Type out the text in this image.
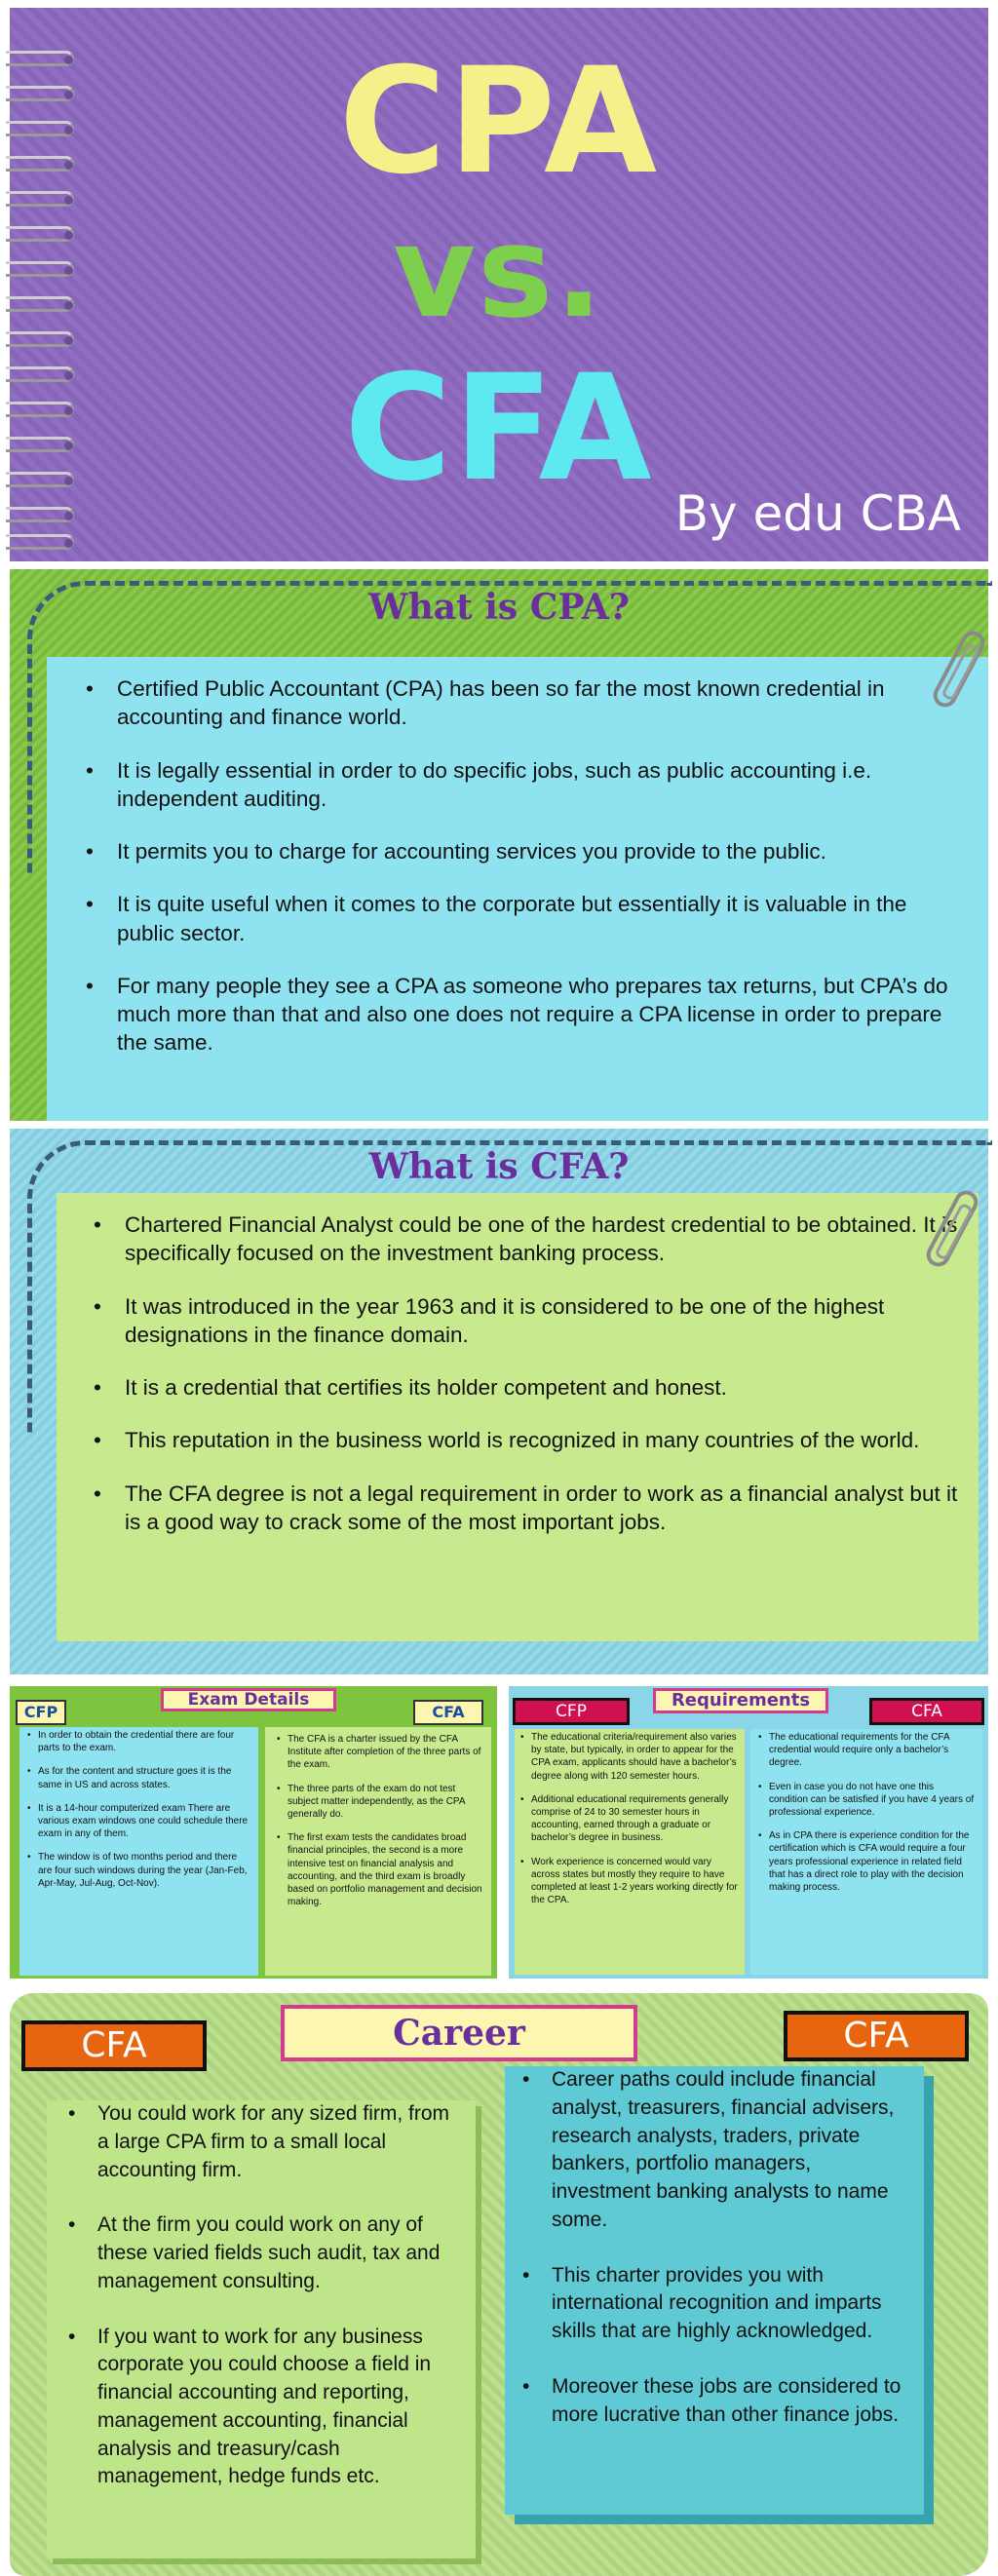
CPA
vs.
CFA By edu CBA
What is CPA?
• Certified Public Accountant (CPA) has been so far the most known credential in accounting and finance world.
• It is legally essential in order to do specific jobs, such as public accounting i.e. independent auditing.
• It permits you to charge for accounting services you provide to the public.
• It is quite useful when it comes to the corporate but essentially it is valuable in the public sector.
• For many people they see a CPA as someone who prepares tax returns, but CPA’s do much more than that and also one does not require a CPA license in order to prepare the same.
What is CFA?
• Chartered Financial Analyst could be one of the hardest credential to be obtained. It is specifically focused on the investment banking process.
• It was introduced in the year 1963 and it is considered to be one of the highest designations in the finance domain.
• It is a credential that certifies its holder competent and honest.
• This reputation in the business world is recognized in many countries of the world.
• The CFA degree is not a legal requirement in order to work as a financial analyst but it is a good way to crack some of the most important jobs.
Exam Details
CFP	CFA
• In order to obtain the credential there are four parts to the exam.
• As for the content and structure goes it is the same in US and across states.
• It is a 14-hour computerized exam There are various exam windows one could schedule there exam in any of them.
• The window is of two months period and there are four such windows during the year (Jan-Feb, Apr-May, Jul-Aug, Oct-Nov).
• The CFA is a charter issued by the CFA Institute after completion of the three parts of the exam.
• The three parts of the exam do not test subject matter independently, as the CPA generally do.
• The first exam tests the candidates broad financial principles, the second is a more intensive test on financial analysis and accounting, and the third exam is broadly based on portfolio management and decision making.
Requirements
CFP	CFA
• The educational criteria/requirement also varies by state, but typically, in order to appear for the CPA exam, applicants should have a bachelor’s degree along with 120 semester hours.
• Additional educational requirements generally comprise of 24 to 30 semester hours in accounting, earned through a graduate or bachelor’s degree in business.
• Work experience is concerned would vary across states but mostly they require to have completed at least 1-2 years working directly for the CPA.
• The educational requirements for the CFA credential would require only a bachelor’s degree.
• Even in case you do not have one this condition can be satisfied if you have 4 years of professional experience.
• As in CPA there is experience condition for the certification which is CFA would require a four years professional experience in related field that has a direct role to play with the decision making process.
Career
CFA	CFA
• You could work for any sized firm, from a large CPA firm to a small local accounting firm.
• At the firm you could work on any of these varied fields such audit, tax and management consulting.
• If you want to work for any business corporate you could choose a field in financial accounting and reporting, management accounting, financial analysis and treasury/cash management, hedge funds etc.
• Career paths could include financial analyst, treasurers, financial advisers, research analysts, traders, private bankers, portfolio managers, investment banking analysts to name some.
• This charter provides you with international recognition and imparts skills that are highly acknowledged.
• Moreover these jobs are considered to more lucrative than other finance jobs.
